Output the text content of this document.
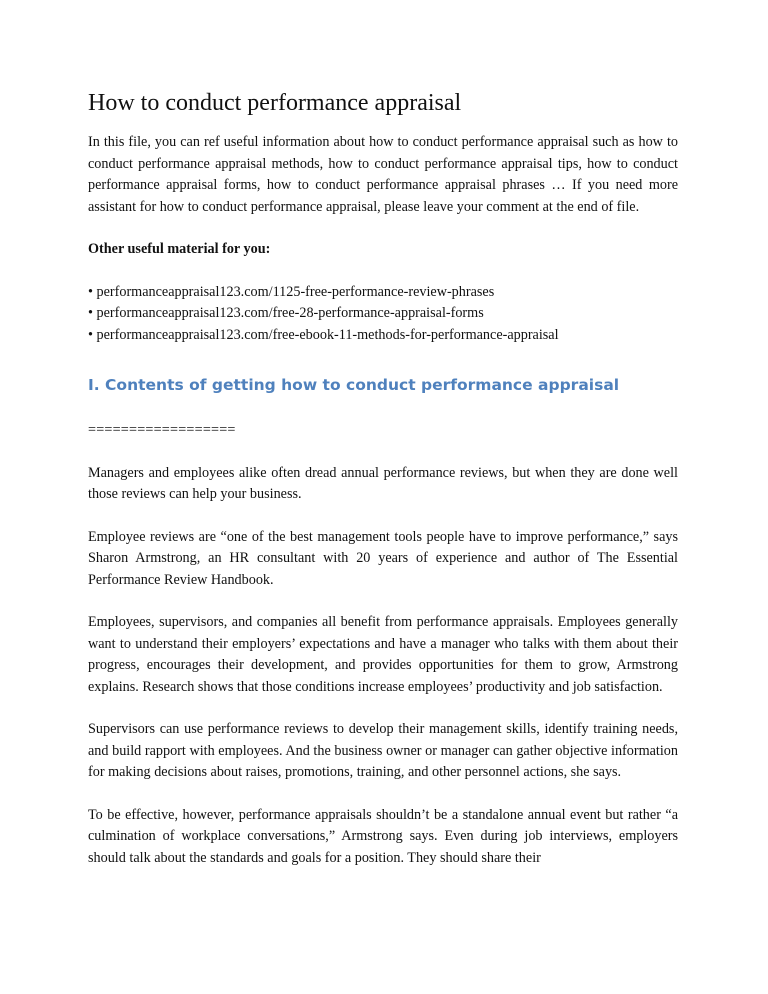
How to conduct performance appraisal

In this file, you can ref useful information about how to conduct performance appraisal such as how to conduct performance appraisal methods, how to conduct performance appraisal tips, how to conduct performance appraisal forms, how to conduct performance appraisal phrases … If you need more assistant for how to conduct performance appraisal, please leave your comment at the end of file.

Other useful material for you:

• performanceappraisal123.com/1125-free-performance-review-phrases
• performanceappraisal123.com/free-28-performance-appraisal-forms
• performanceappraisal123.com/free-ebook-11-methods-for-performance-appraisal
I. Contents of getting how to conduct performance appraisal

==================

Managers and employees alike often dread annual performance reviews, but when they are done well those reviews can help your business.

Employee reviews are “one of the best management tools people have to improve performance,” says Sharon Armstrong, an HR consultant with 20 years of experience and author of The Essential Performance Review Handbook.

Employees, supervisors, and companies all benefit from performance appraisals. Employees generally want to understand their employers’ expectations and have a manager who talks with them about their progress, encourages their development, and provides opportunities for them to grow, Armstrong explains. Research shows that those conditions increase employees’ productivity and job satisfaction.

Supervisors can use performance reviews to develop their management skills, identify training needs, and build rapport with employees. And the business owner or manager can gather objective information for making decisions about raises, promotions, training, and other personnel actions, she says.

To be effective, however, performance appraisals shouldn’t be a standalone annual event but rather “a culmination of workplace conversations,” Armstrong says. Even during job interviews, employers should talk about the standards and goals for a position. They should share their
